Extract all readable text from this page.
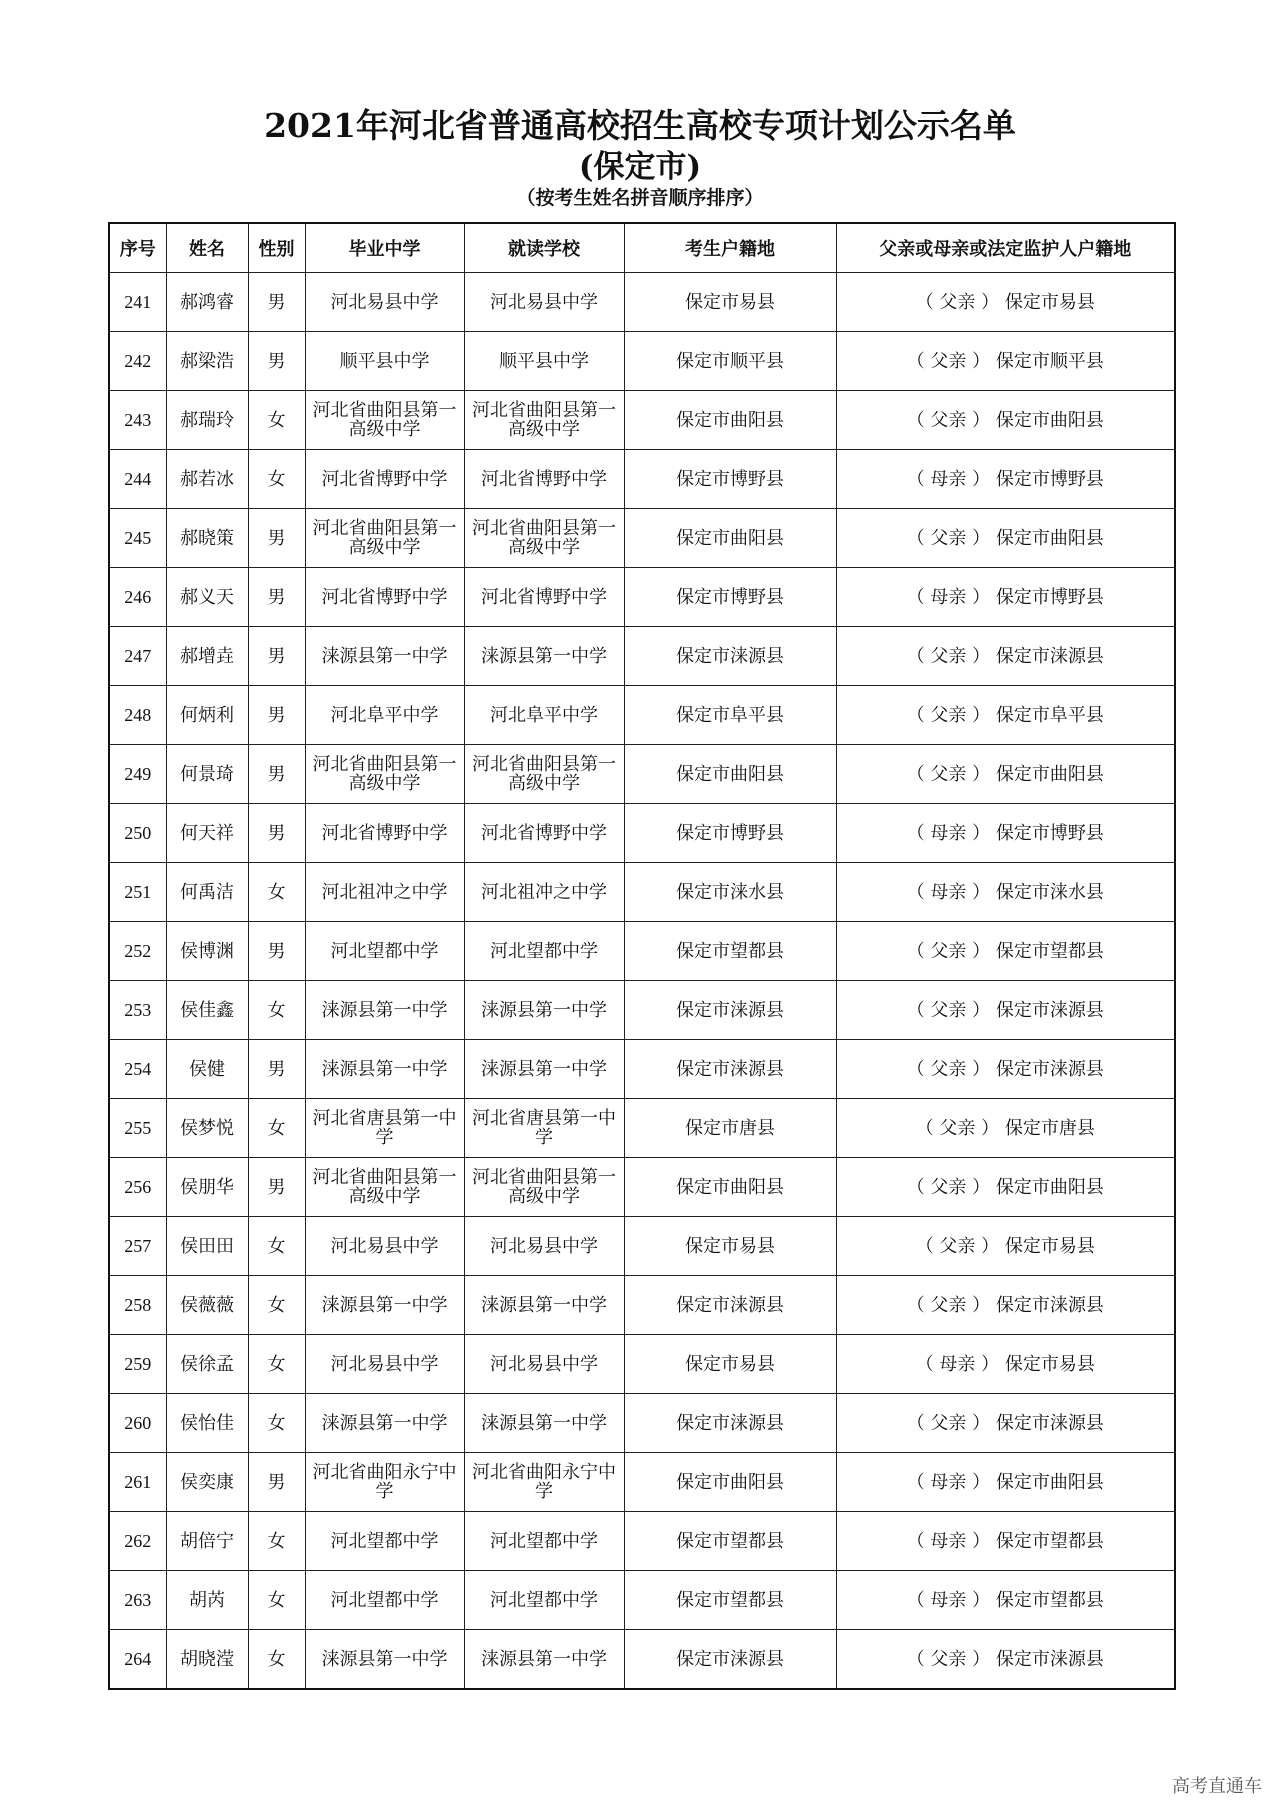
2021年河北省普通高校招生高校专项计划公示名单
(保定市)
（按考生姓名拼音顺序排序）
序号	姓名	性别	毕业中学	就读学校	考生户籍地	父亲或母亲或法定监护人户籍地
241	郝鸿睿	男	河北易县中学	河北易县中学	保定市易县	（ 父亲 ） 保定市易县
242	郝梁浩	男	顺平县中学	顺平县中学	保定市顺平县	（ 父亲 ） 保定市顺平县
243	郝瑞玲	女	河北省曲阳县第一高级中学	河北省曲阳县第一高级中学	保定市曲阳县	（ 父亲 ） 保定市曲阳县
244	郝若冰	女	河北省博野中学	河北省博野中学	保定市博野县	（ 母亲 ） 保定市博野县
245	郝晓策	男	河北省曲阳县第一高级中学	河北省曲阳县第一高级中学	保定市曲阳县	（ 父亲 ） 保定市曲阳县
246	郝义天	男	河北省博野中学	河北省博野中学	保定市博野县	（ 母亲 ） 保定市博野县
247	郝增垚	男	涞源县第一中学	涞源县第一中学	保定市涞源县	（ 父亲 ） 保定市涞源县
248	何炳利	男	河北阜平中学	河北阜平中学	保定市阜平县	（ 父亲 ） 保定市阜平县
249	何景琦	男	河北省曲阳县第一高级中学	河北省曲阳县第一高级中学	保定市曲阳县	（ 父亲 ） 保定市曲阳县
250	何天祥	男	河北省博野中学	河北省博野中学	保定市博野县	（ 母亲 ） 保定市博野县
251	何禹洁	女	河北祖冲之中学	河北祖冲之中学	保定市涞水县	（ 母亲 ） 保定市涞水县
252	侯博渊	男	河北望都中学	河北望都中学	保定市望都县	（ 父亲 ） 保定市望都县
253	侯佳鑫	女	涞源县第一中学	涞源县第一中学	保定市涞源县	（ 父亲 ） 保定市涞源县
254	侯健	男	涞源县第一中学	涞源县第一中学	保定市涞源县	（ 父亲 ） 保定市涞源县
255	侯梦悦	女	河北省唐县第一中学	河北省唐县第一中学	保定市唐县	（ 父亲 ） 保定市唐县
256	侯朋华	男	河北省曲阳县第一高级中学	河北省曲阳县第一高级中学	保定市曲阳县	（ 父亲 ） 保定市曲阳县
257	侯田田	女	河北易县中学	河北易县中学	保定市易县	（ 父亲 ） 保定市易县
258	侯薇薇	女	涞源县第一中学	涞源县第一中学	保定市涞源县	（ 父亲 ） 保定市涞源县
259	侯徐孟	女	河北易县中学	河北易县中学	保定市易县	（ 母亲 ） 保定市易县
260	侯怡佳	女	涞源县第一中学	涞源县第一中学	保定市涞源县	（ 父亲 ） 保定市涞源县
261	侯奕康	男	河北省曲阳永宁中学	河北省曲阳永宁中学	保定市曲阳县	（ 母亲 ） 保定市曲阳县
262	胡倍宁	女	河北望都中学	河北望都中学	保定市望都县	（ 母亲 ） 保定市望都县
263	胡芮	女	河北望都中学	河北望都中学	保定市望都县	（ 母亲 ） 保定市望都县
264	胡晓滢	女	涞源县第一中学	涞源县第一中学	保定市涞源县	（ 父亲 ） 保定市涞源县
高考直通车
